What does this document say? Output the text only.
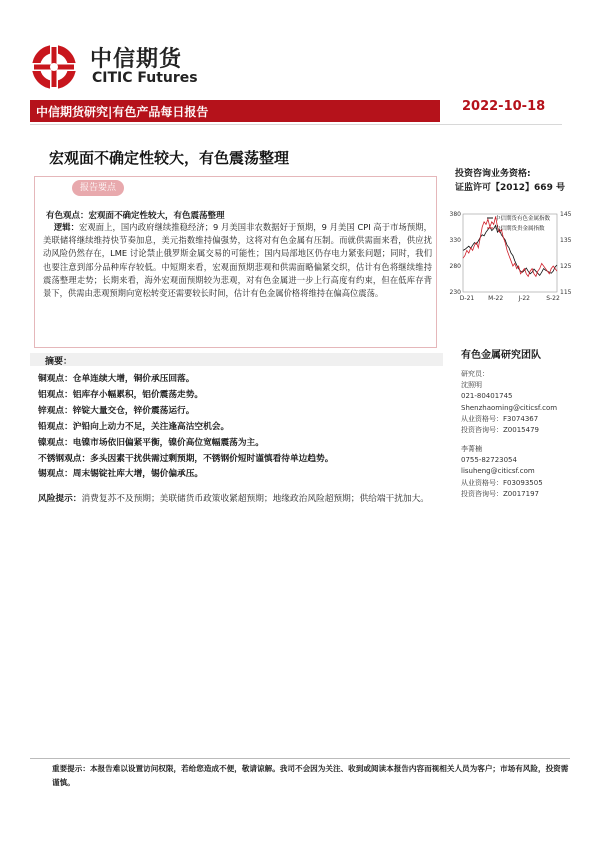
中信期货
CITIC Futures
中信期货研究|有色产品每日报告	2022-10-18
宏观面不确定性较大，有色震荡整理
报告要点
有色观点：宏观面不确定性较大，有色震荡整理
逻辑：宏观面上，国内政府继续推稳经济；9 月美国非农数据好于预期，9 月美国 CPI 高于市场预期，美联储将继续维持快节奏加息，美元指数维持偏强势，这将对有色金属有压制。而就供需面来看，供应扰动风险仍然存在，LME 讨论禁止俄罗斯金属交易的可能性；国内局部地区仍存电力紧张问题；同时，我们也要注意到部分品种库存较低。中短期来看，宏观面预期悲观和供需面略偏紧交织，估计有色将继续维持震荡整理走势；长期来看，海外宏观面预期较为悲观，对有色金属进一步上行高度有约束，但在低库存背景下，供需由悲观预期向宽松转变还需要较长时间，估计有色金属价格将维持在偏高位震荡。
投资咨询业务资格:
证监许可【2012】669 号
230
280
330
380
115
125
135
145
D-21 M-22	J-22	S-22
中信期货有色金属指数
中信期货贵金属指数
有色金属研究团队
研究员：
沈照明
021-80401745
Shenzhaoming@citicsf.com
从业资格号：F3074367
投资咨询号：Z0015479
李菁楠
0755-82723054
lisuheng@citicsf.com
从业资格号：F03093505
投资咨询号：Z0017197
摘要：
铜观点：仓单连续大增，铜价承压回落。
铝观点：铝库存小幅累积，铝价震荡走势。
锌观点：锌锭大量交仓，锌价震荡运行。
铅观点：沪铅向上动力不足，关注逢高沽空机会。
镍观点：电镍市场依旧偏紧平衡，镍价高位宽幅震荡为主。
不锈钢观点：多头因素干扰供需过剩预期，不锈钢价短时谨慎看待单边趋势。
锡观点：周末锡锭社库大增，锡价偏承压。
风险提示：消费复苏不及预期；美联储货币政策收紧超预期；地缘政治风险超预期；供给端干扰加大。
重要提示：本报告难以设置访问权限，若给您造成不便，敬请谅解。我司不会因为关注、收到或阅读本报告内容而视相关人员为客户；市场有风险，投资需谨慎。
